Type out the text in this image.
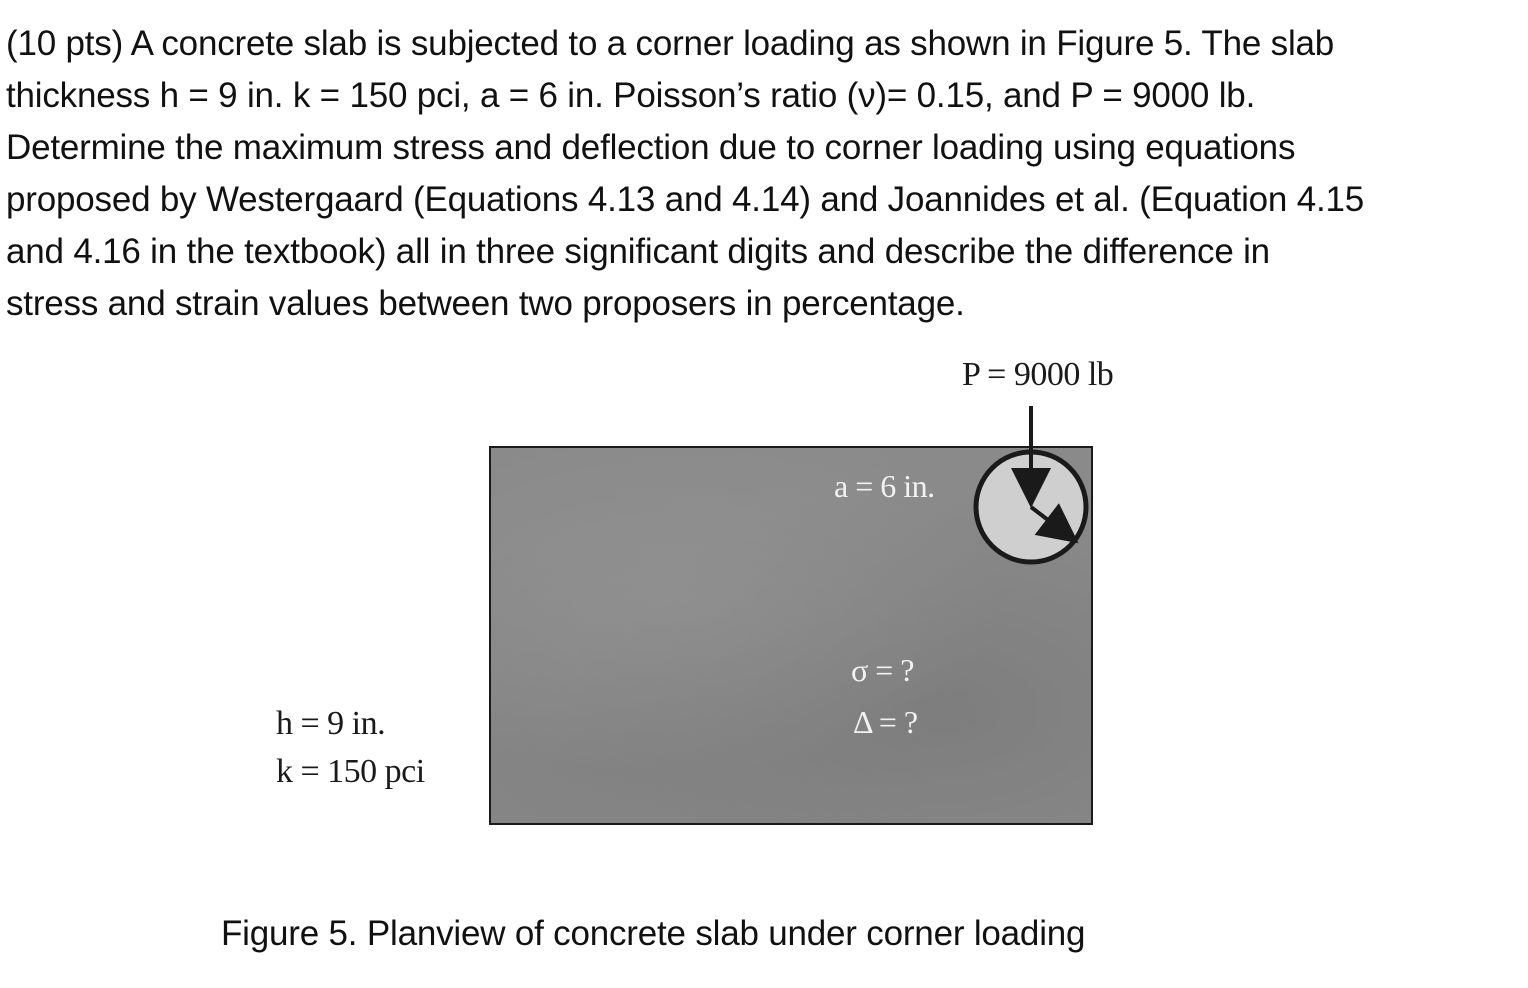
(10 pts) A concrete slab is subjected to a corner loading as shown in Figure 5. The slab
thickness h = 9 in. k = 150 pci, a = 6 in. Poisson’s ratio (ν)= 0.15, and P = 9000 lb.
Determine the maximum stress and deflection due to corner loading using equations
proposed by Westergaard (Equations 4.13 and 4.14) and Joannides et al. (Equation 4.15
and 4.16 in the textbook) all in three significant digits and describe the difference in
stress and strain values between two proposers in percentage.
P = 9000 lb
a = 6 in.
σ = ?
Δ = ?
h = 9 in.
k = 150 pci
Figure 5. Planview of concrete slab under corner loading
